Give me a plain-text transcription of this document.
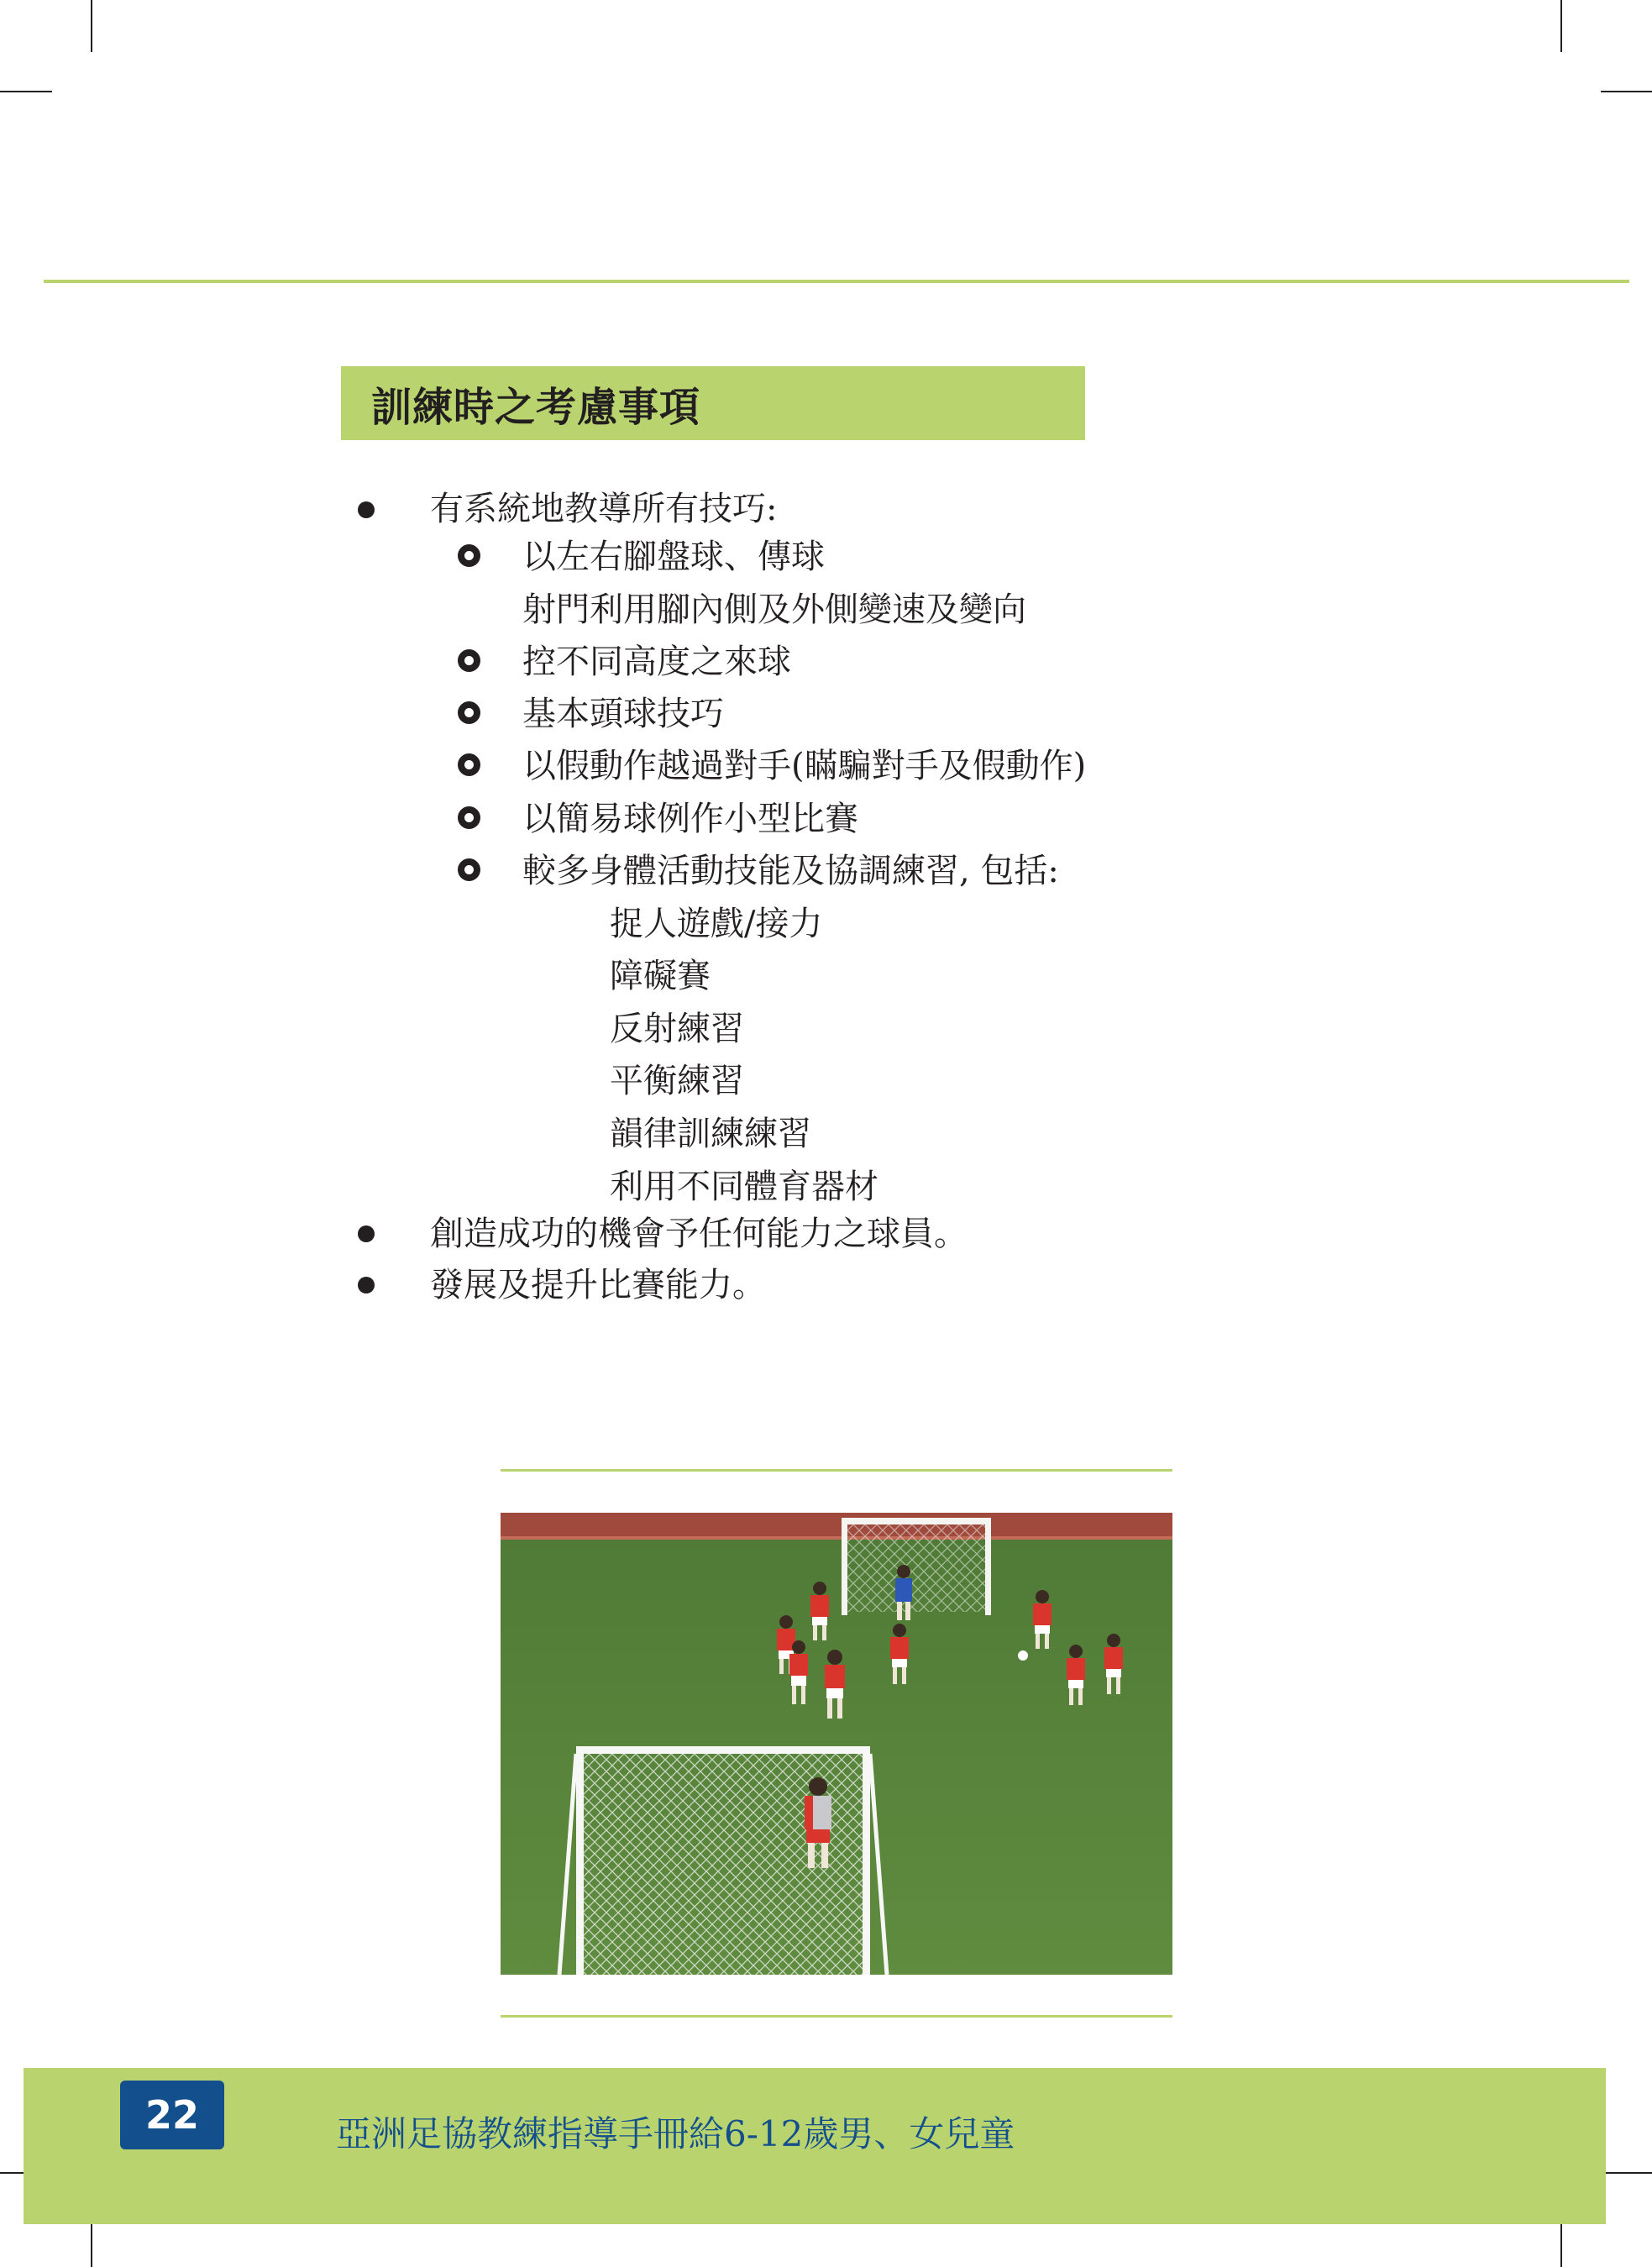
訓練時之考慮事項
有系統地教導所有技巧:
以左右腳盤球、傳球
射門利用腳內側及外側變速及變向
控不同高度之來球
基本頭球技巧
以假動作越過對手(瞞騙對手及假動作)
以簡易球例作小型比賽
較多身體活動技能及協調練習, 包括:
捉人遊戲/接力
障礙賽
反射練習
平衡練習
韻律訓練練習
利用不同體育器材
創造成功的機會予任何能力之球員。
發展及提升比賽能力。
22	亞洲足協教練指導手冊給6-12歲男、女兒童
